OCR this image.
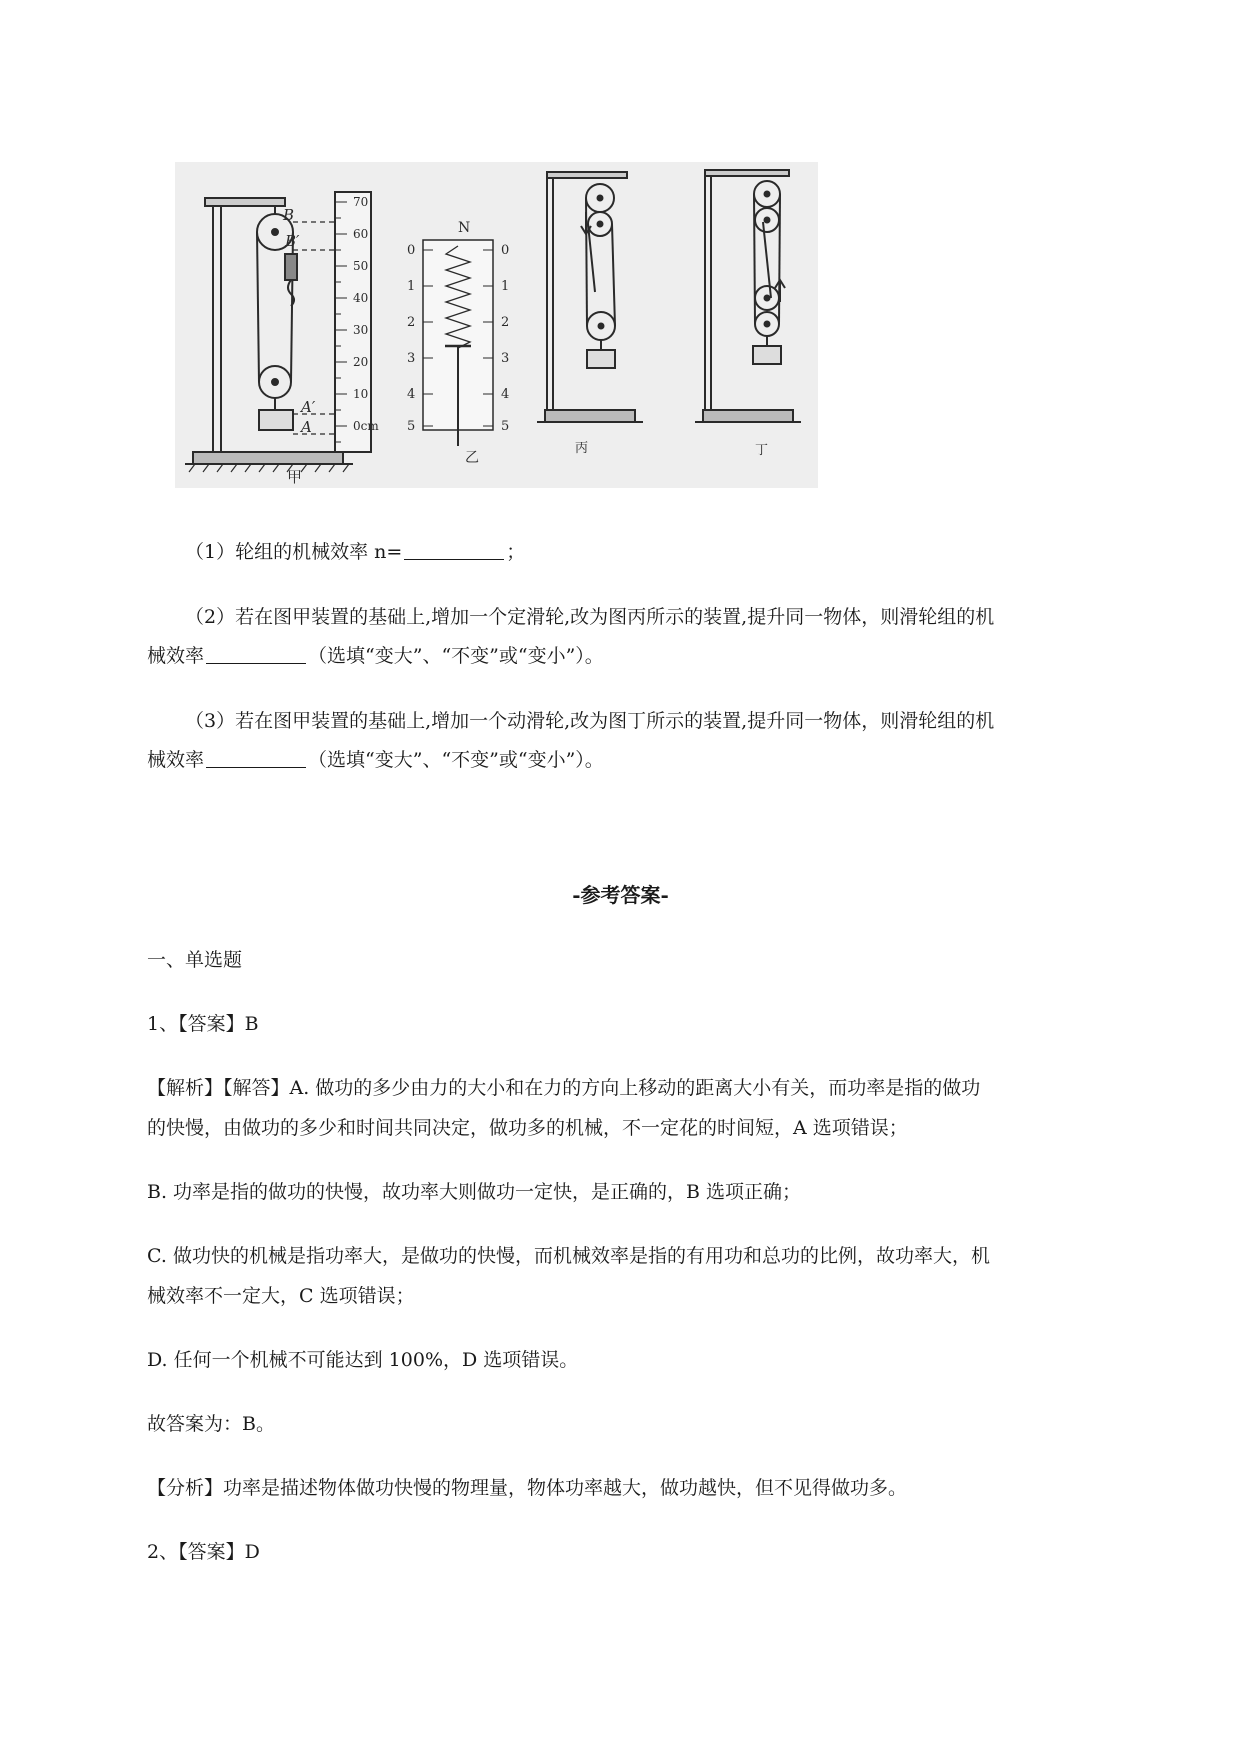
B
B′
A′
A	0cm
10
20
30
40
50
60
70
甲
N
0
1
2
3
4
5
0
1
2
3
4
5
乙
丙	丁
（1）轮组的机械效率 n=	；
（2）若在图甲装置的基础上,增加一个定滑轮,改为图丙所示的装置,提升同一物体，则滑轮组的机
械效率	（选填“变大”、“不变”或“变小”）。
（3）若在图甲装置的基础上,增加一个动滑轮,改为图丁所示的装置,提升同一物体，则滑轮组的机
械效率	（选填“变大”、“不变”或“变小”）。
-参考答案-
一、单选题
1、【答案】B
【解析】【解答】A. 做功的多少由力的大小和在力的方向上移动的距离大小有关，而功率是指的做功
的快慢，由做功的多少和时间共同决定，做功多的机械，不一定花的时间短，A 选项错误；
B. 功率是指的做功的快慢，故功率大则做功一定快，是正确的，B 选项正确；
C. 做功快的机械是指功率大，是做功的快慢，而机械效率是指的有用功和总功的比例，故功率大，机
械效率不一定大，C 选项错误；
D. 任何一个机械不可能达到 100%，D 选项错误。
故答案为：B。
【分析】功率是描述物体做功快慢的物理量，物体功率越大，做功越快，但不见得做功多。
2、【答案】D
